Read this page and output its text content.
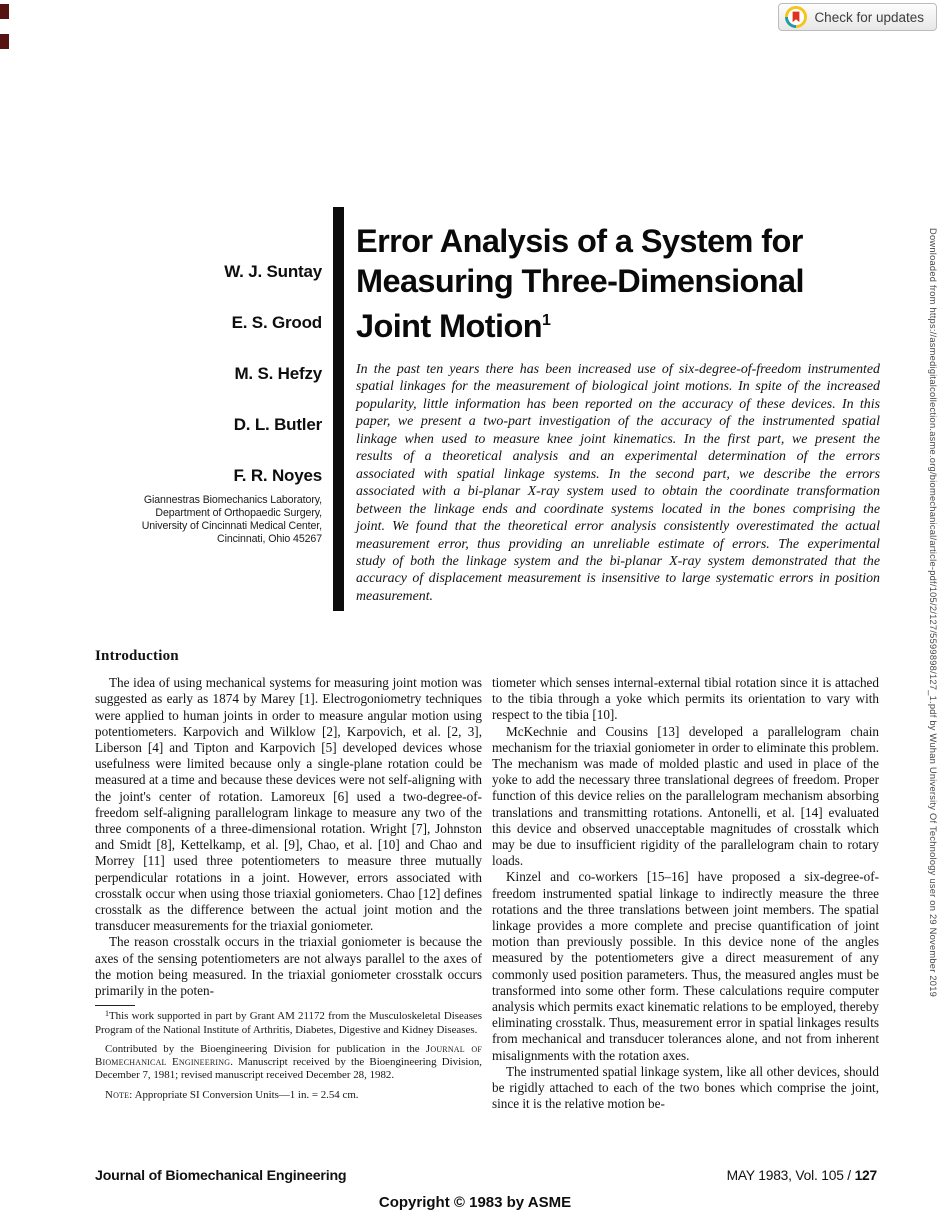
Check for updates
Downloaded from https://asmedigitalcollection.asme.org/biomechanical/article-pdf/105/2/127/5599898/127_1.pdf by Wuhan University Of Technology user on 29 November 2019
W. J. Suntay
E. S. Grood
M. S. Hefzy
D. L. Butler
F. R. Noyes
Giannestras Biomechanics Laboratory,
Department of Orthopaedic Surgery,
University of Cincinnati Medical Center,
Cincinnati, Ohio 45267
Error Analysis of a System for
Measuring Three-Dimensional
Joint Motion$^1$
In the past ten years there has been increased use of six-degree-of-freedom instrumented spatial linkages for the measurement of biological joint motions. In spite of the increased popularity, little information has been reported on the accuracy of these devices. In this paper, we present a two-part investigation of the accuracy of the instrumented spatial linkage when used to measure knee joint kinematics. In the first part, we present the results of a theoretical analysis and an experimental determination of the errors associated with spatial linkage systems. In the second part, we describe the errors associated with a bi-planar X-ray system used to obtain the coordinate transformation between the linkage ends and coordinate systems located in the bones comprising the joint. We found that the theoretical error analysis consistently overestimated the actual measurement error, thus providing an unreliable estimate of errors. The experimental study of both the linkage system and the bi-planar X-ray system demonstrated that the accuracy of displacement measurement is insensitive to large systematic errors in position measurement.
Introduction

The idea of using mechanical systems for measuring joint motion was suggested as early as 1874 by Marey [1]. Electrogoniometry techniques were applied to human joints in order to measure angular motion using potentiometers. Karpovich and Wilklow [2], Karpovich, et al. [2, 3], Liberson [4] and Tipton and Karpovich [5] developed devices whose usefulness were limited because only a single-plane rotation could be measured at a time and because these devices were not self-aligning with the joint's center of rotation. Lamoreux [6] used a two-degree-of-freedom self-aligning parallelogram linkage to measure any two of the three components of a three-dimensional rotation. Wright [7], Johnston and Smidt [8], Kettelkamp, et al. [9], Chao, et al. [10] and Chao and Morrey [11] used three potentiometers to measure three mutually perpendicular rotations in a joint. However, errors associated with crosstalk occur when using those triaxial goniometers. Chao [12] defines crosstalk as the difference between the actual joint motion and the transducer measurements for the triaxial goniometer.

The reason crosstalk occurs in the triaxial goniometer is because the axes of the sensing potentiometers are not always parallel to the axes of the motion being measured. In the triaxial goniometer crosstalk occurs primarily in the poten-

$^1$This work supported in part by Grant AM 21172 from the Musculoskeletal Diseases Program of the National Institute of Arthritis, Diabetes, Digestive and Kidney Diseases.

Contributed by the Bioengineering Division for publication in the Journal of Biomechanical Engineering. Manuscript received by the Bioengineering Division, December 7, 1981; revised manuscript received December 28, 1982.

Note: Appropriate SI Conversion Units—1 in. = 2.54 cm.

tiometer which senses internal-external tibial rotation since it is attached to the tibia through a yoke which permits its orientation to vary with respect to the tibia [10].

McKechnie and Cousins [13] developed a parallelogram chain mechanism for the triaxial goniometer in order to eliminate this problem. The mechanism was made of molded plastic and used in place of the yoke to add the necessary three translational degrees of freedom. Proper function of this device relies on the parallelogram mechanism absorbing translations and transmitting rotations. Antonelli, et al. [14] evaluated this device and observed unacceptable magnitudes of crosstalk which may be due to insufficient rigidity of the parallelogram chain to rotary loads.

Kinzel and co-workers [15–16] have proposed a six-degree-of-freedom instrumented spatial linkage to indirectly measure the three rotations and the three translations between joint members. The spatial linkage provides a more complete and precise quantification of joint motion than previously possible. In this device none of the angles measured by the potentiometers give a direct measurement of any commonly used position parameters. Thus, the measured angles must be transformed into some other form. These calculations require computer analysis which permits exact kinematic relations to be employed, thereby eliminating crosstalk. Thus, measurement error in spatial linkages results from mechanical and transducer tolerances alone, and not from inherent misalignments with the rotation axes.

The instrumented spatial linkage system, like all other devices, should be rigidly attached to each of the two bones which comprise the joint, since it is the relative motion be-

Journal of Biomechanical Engineering	MAY 1983, Vol. 105 / 127
Copyright © 1983 by ASME
